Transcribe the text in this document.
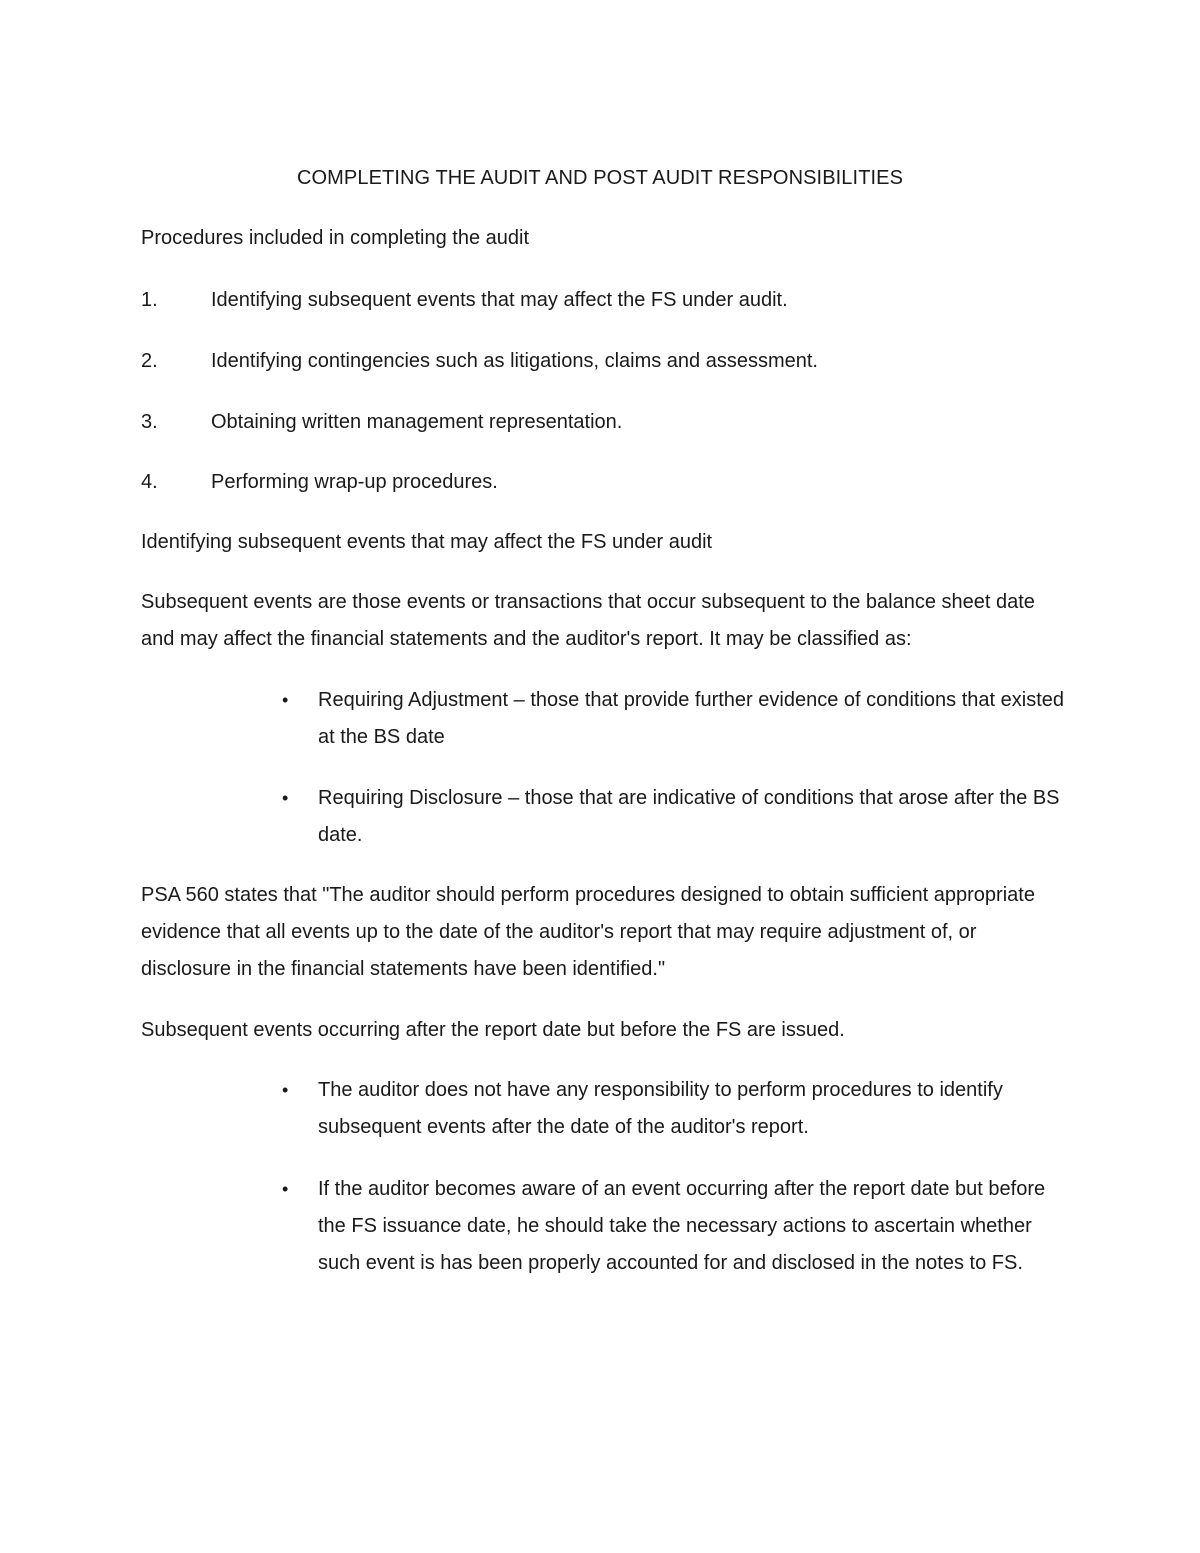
COMPLETING THE AUDIT AND POST AUDIT RESPONSIBILITIES
Procedures included in completing the audit
1.	Identifying subsequent events that may affect the FS under audit.
2.	Identifying contingencies such as litigations, claims and assessment.
3.	Obtaining written management representation.
4.	Performing wrap-up procedures.
Identifying subsequent events that may affect the FS under audit
Subsequent events are those events or transactions that occur subsequent to the balance sheet date and may affect the financial statements and the auditor's report. It may be classified as:
• Requiring Adjustment – those that provide further evidence of conditions that existed at the BS date
• Requiring Disclosure – those that are indicative of conditions that arose after the BS date.
PSA 560 states that "The auditor should perform procedures designed to obtain sufficient appropriate evidence that all events up to the date of the auditor's report that may require adjustment of, or disclosure in the financial statements have been identified."
Subsequent events occurring after the report date but before the FS are issued.
• The auditor does not have any responsibility to perform procedures to identify subsequent events after the date of the auditor's report.
• If the auditor becomes aware of an event occurring after the report date but before the FS issuance date, he should take the necessary actions to ascertain whether such event is has been properly accounted for and disclosed in the notes to FS.
